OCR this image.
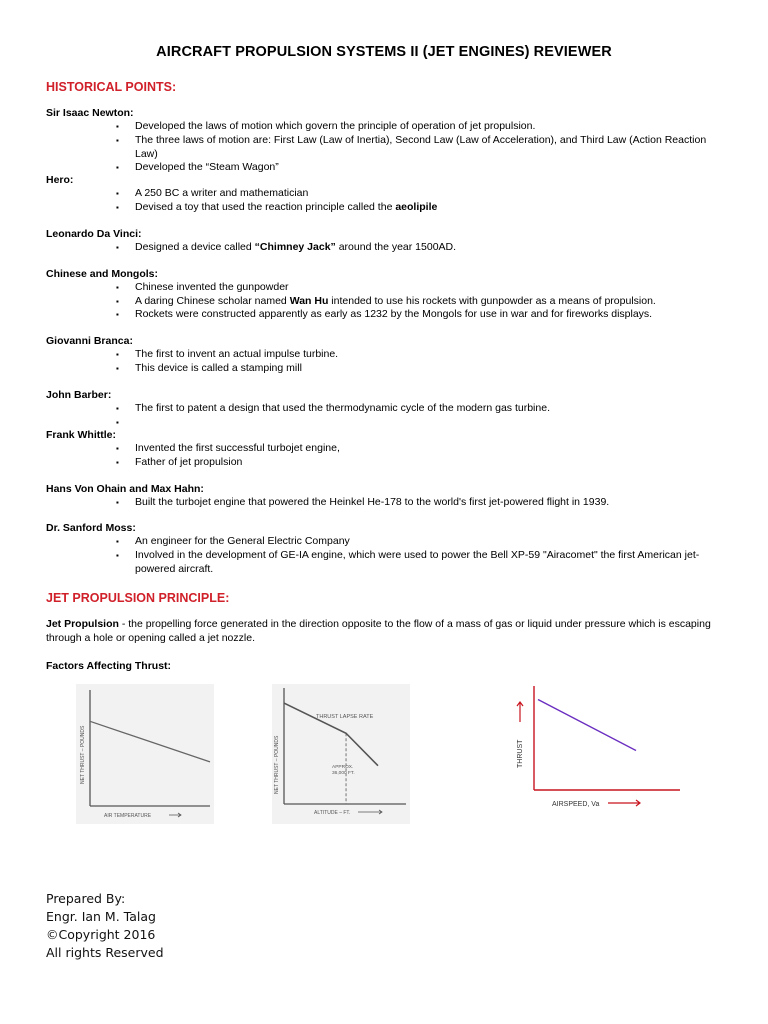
AIRCRAFT PROPULSION SYSTEMS II (JET ENGINES) REVIEWER
HISTORICAL POINTS:
Sir Isaac Newton:
▪ Developed the laws of motion which govern the principle of operation of jet propulsion.
▪ The three laws of motion are: First Law (Law of Inertia), Second Law (Law of Acceleration), and Third Law (Action Reaction Law)
▪ Developed the “Steam Wagon”
Hero:
▪ A 250 BC a writer and mathematician
▪ Devised a toy that used the reaction principle called the aeolipile
Leonardo Da Vinci:
▪ Designed a device called “Chimney Jack” around the year 1500AD.
Chinese and Mongols:
▪ Chinese invented the gunpowder
▪ A daring Chinese scholar named Wan Hu intended to use his rockets with gunpowder as a means of propulsion.
▪ Rockets were constructed apparently as early as 1232 by the Mongols for use in war and for fireworks displays.
Giovanni Branca:
▪ The first to invent an actual impulse turbine.
▪ This device is called a stamping mill
John Barber:
▪ The first to patent a design that used the thermodynamic cycle of the modern gas turbine.
▪
Frank Whittle:
▪ Invented the first successful turbojet engine,
▪ Father of jet propulsion
Hans Von Ohain and Max Hahn:
▪ Built the turbojet engine that powered the Heinkel He-178 to the world's first jet-powered flight in 1939.
Dr. Sanford Moss:
▪ An engineer for the General Electric Company
▪ Involved in the development of GE-IA engine, which were used to power the Bell XP-59 "Airacomet" the first American jet-powered aircraft.
JET PROPULSION PRINCIPLE:
Jet Propulsion - the propelling force generated in the direction opposite to the flow of a mass of gas or liquid under pressure which is escaping through a hole or opening called a jet nozzle.
Factors Affecting Thrust:
NET THRUST – POUNDS
AIR TEMPERATURE
THRUST LAPSE RATE
NET THRUST – POUNDS
ALTITUDE – FT.
APPROX. 36,000 FT.
THRUST
AIRSPEED, Va
Prepared By:
Engr. Ian M. Talag
©Copyright 2016
All rights Reserved
